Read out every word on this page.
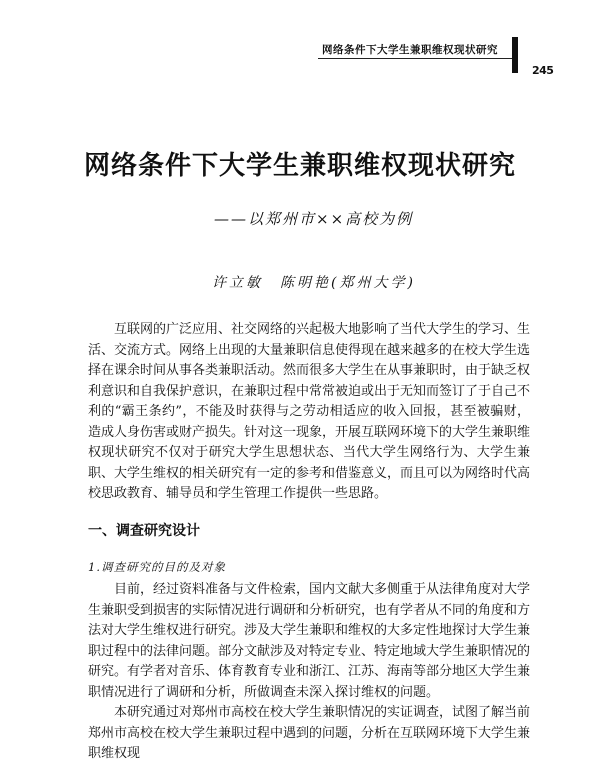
网络条件下大学生兼职维权现状研究
245
网络条件下大学生兼职维权现状研究
——以郑州市××高校为例
许立敏　陈明艳(郑州大学)

互联网的广泛应用、社交网络的兴起极大地影响了当代大学生的学习、生活、交流方式。网络上出现的大量兼职信息使得现在越来越多的在校大学生选择在课余时间从事各类兼职活动。然而很多大学生在从事兼职时，由于缺乏权利意识和自我保护意识，在兼职过程中常常被迫或出于无知而签订了于自己不利的“霸王条约”，不能及时获得与之劳动相适应的收入回报，甚至被骗财，造成人身伤害或财产损失。针对这一现象，开展互联网环境下的大学生兼职维权现状研究不仅对于研究大学生思想状态、当代大学生网络行为、大学生兼职、大学生维权的相关研究有一定的参考和借鉴意义，而且可以为网络时代高校思政教育、辅导员和学生管理工作提供一些思路。

一、调查研究设计
1.调查研究的目的及对象

目前，经过资料准备与文件检索，国内文献大多侧重于从法律角度对大学生兼职受到损害的实际情况进行调研和分析研究，也有学者从不同的角度和方法对大学生维权进行研究。涉及大学生兼职和维权的大多定性地探讨大学生兼职过程中的法律问题。部分文献涉及对特定专业、特定地域大学生兼职情况的研究。有学者对音乐、体育教育专业和浙江、江苏、海南等部分地区大学生兼职情况进行了调研和分析，所做调查未深入探讨维权的问题。

本研究通过对郑州市高校在校大学生兼职情况的实证调查，试图了解当前郑州市高校在校大学生兼职过程中遇到的问题，分析在互联网环境下大学生兼职维权现
